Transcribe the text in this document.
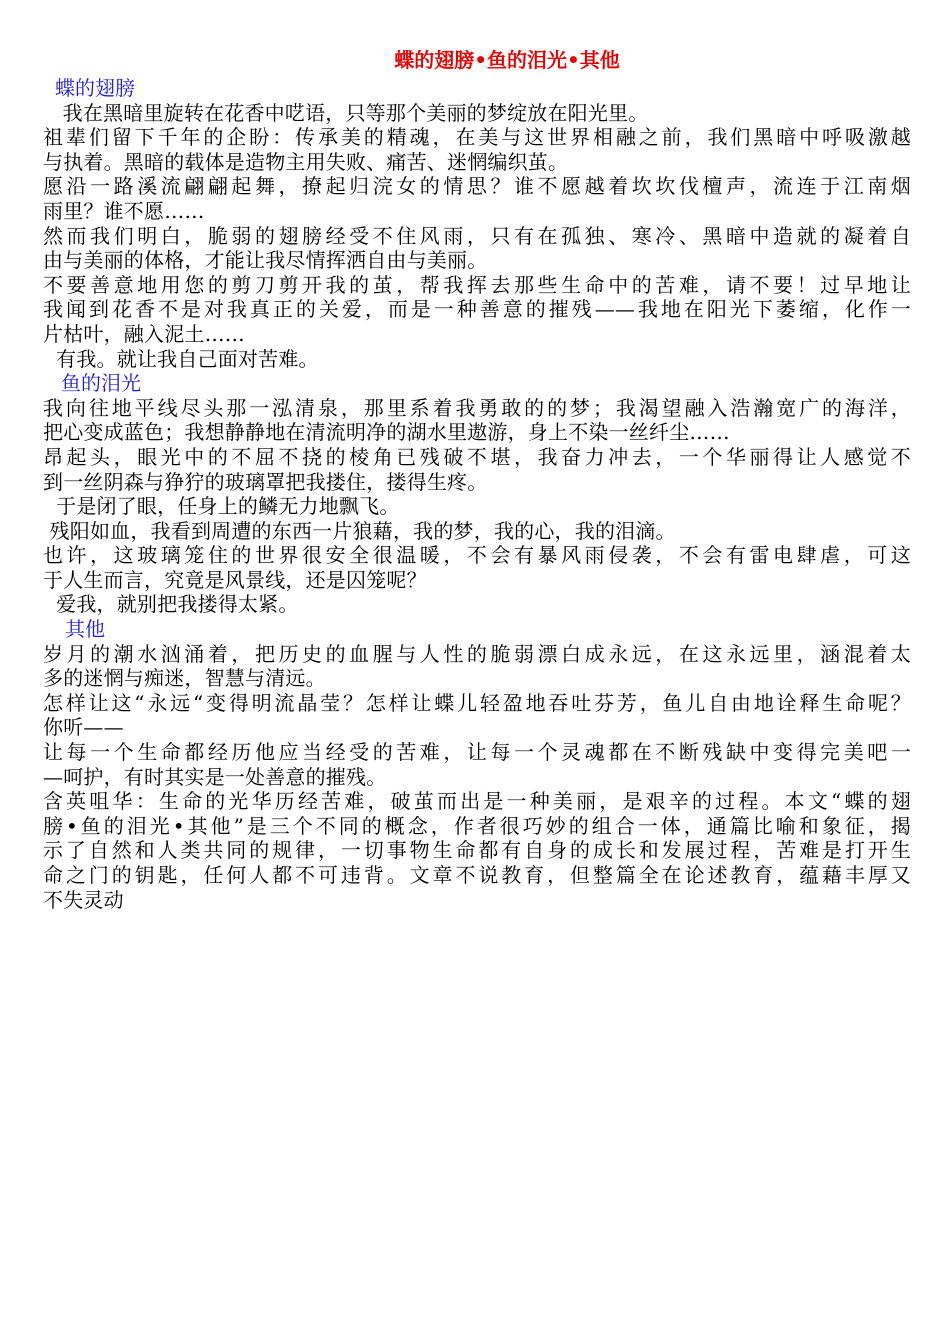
蝶的翅膀•鱼的泪光•其他
蝶的翅膀
我在黑暗里旋转在花香中呓语，只等那个美丽的梦绽放在阳光里。
祖辈们留下千年的企盼：传承美的精魂，在美与这世界相融之前，我们黑暗中呼吸激越
与执着。黑暗的载体是造物主用失败、痛苦、迷惘编织茧。
愿沿一路溪流翩翩起舞，撩起归浣女的情思？谁不愿越着坎坎伐檀声，流连于江南烟
雨里？谁不愿……
然而我们明白，脆弱的翅膀经受不住风雨，只有在孤独、寒冷、黑暗中造就的凝着自
由与美丽的体格，才能让我尽情挥洒自由与美丽。
不要善意地用您的剪刀剪开我的茧，帮我挥去那些生命中的苦难，请不要！过早地让
我闻到花香不是对我真正的关爱，而是一种善意的摧残——我地在阳光下萎缩，化作一
片枯叶，融入泥土……
有我。就让我自己面对苦难。
鱼的泪光
我向往地平线尽头那一泓清泉，那里系着我勇敢的的梦；我渴望融入浩瀚宽广的海洋，
把心变成蓝色；我想静静地在清流明净的湖水里遨游，身上不染一丝纤尘……
昂起头，眼光中的不屈不挠的棱角已残破不堪，我奋力冲去，一个华丽得让人感觉不
到一丝阴森与狰狞的玻璃罩把我搂住，搂得生疼。
于是闭了眼，任身上的鳞无力地飘飞。
残阳如血，我看到周遭的东西一片狼藉，我的梦，我的心，我的泪滴。
也许，这玻璃笼住的世界很安全很温暖，不会有暴风雨侵袭，不会有雷电肆虐，可这
于人生而言，究竟是风景线，还是囚笼呢？
爱我，就别把我搂得太紧。
其他
岁月的潮水汹涌着，把历史的血腥与人性的脆弱漂白成永远，在这永远里，涵混着太
多的迷惘与痴迷，智慧与清远。
怎样让这“永远“变得明流晶莹？怎样让蝶儿轻盈地吞吐芬芳，鱼儿自由地诠释生命呢？
你听——
让每一个生命都经历他应当经受的苦难，让每一个灵魂都在不断残缺中变得完美吧一
—呵护，有时其实是一处善意的摧残。
含英咀华：生命的光华历经苦难，破茧而出是一种美丽，是艰辛的过程。本文“蝶的翅
膀•鱼的泪光•其他”是三个不同的概念，作者很巧妙的组合一体，通篇比喻和象征，揭
示了自然和人类共同的规律，一切事物生命都有自身的成长和发展过程，苦难是打开生
命之门的钥匙，任何人都不可违背。文章不说教育，但整篇全在论述教育，蕴藉丰厚又
不失灵动
